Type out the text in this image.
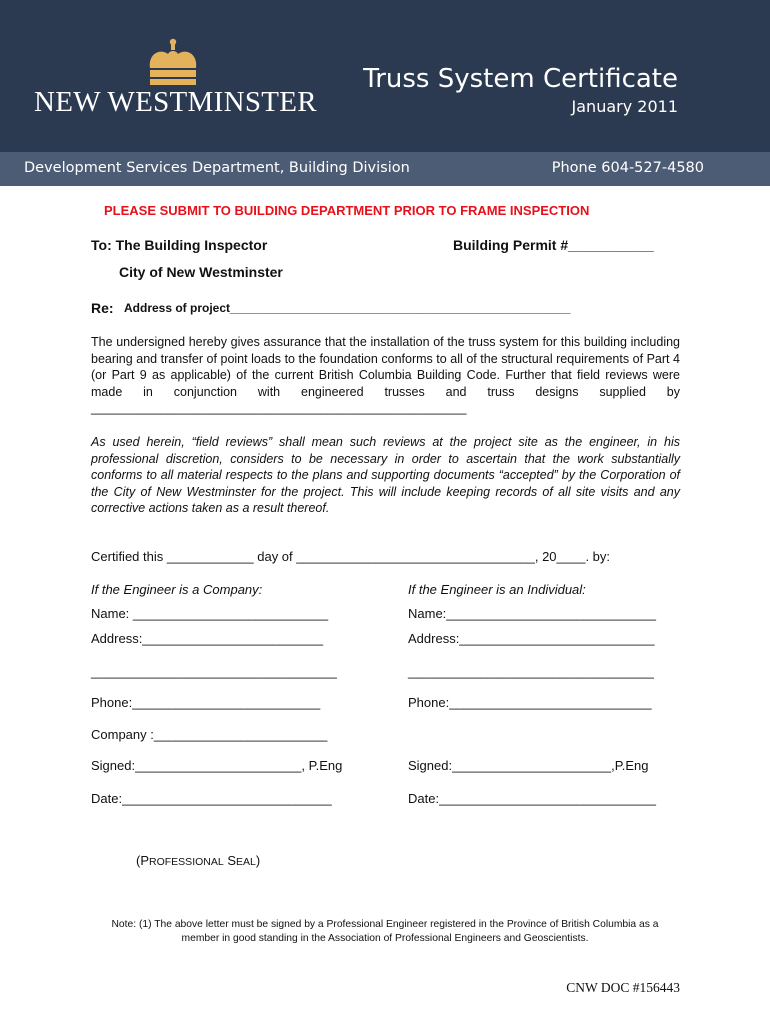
NEW WESTMINSTER
Truss System Certificate
January 2011
Development Services Department, Building Division	Phone 604-527-4580
PLEASE SUBMIT TO BUILDING DEPARTMENT PRIOR TO FRAME INSPECTION
To: The Building Inspector	Building Permit #___________
City of New Westminster
Re: Address of project___________________________________________________
The undersigned hereby gives assurance that the installation of the truss system for this building including bearing and transfer of point loads to the foundation conforms to all of the structural requirements of Part 4 (or Part 9 as applicable) of the current British Columbia Building Code. Further that field reviews were made in conjunction with engineered trusses and truss designs supplied by ______________________________________________________
As used herein, “field reviews” shall mean such reviews at the project site as the engineer, in his professional discretion, considers to be necessary in order to ascertain that the work substantially conforms to all material respects to the plans and supporting documents “accepted” by the Corporation of the City of New Westminster for the project. This will include keeping records of all site visits and any corrective actions taken as a result thereof.
Certified this ____________ day of _________________________________, 20____. by:
If the Engineer is a Company:
Name: ___________________________
Address:_________________________
__________________________________
Phone:__________________________
Company :________________________
Signed:_______________________, P.Eng
Date:_____________________________
If the Engineer is an Individual:
Name:_____________________________
Address:___________________________
__________________________________
Phone:____________________________
Signed:______________________,P.Eng
Date:______________________________
(PROFESSIONAL SEAL)
Note: (1) The above letter must be signed by a Professional Engineer registered in the Province of British Columbia as a member in good standing in the Association of Professional Engineers and Geoscientists.
CNW DOC #156443
